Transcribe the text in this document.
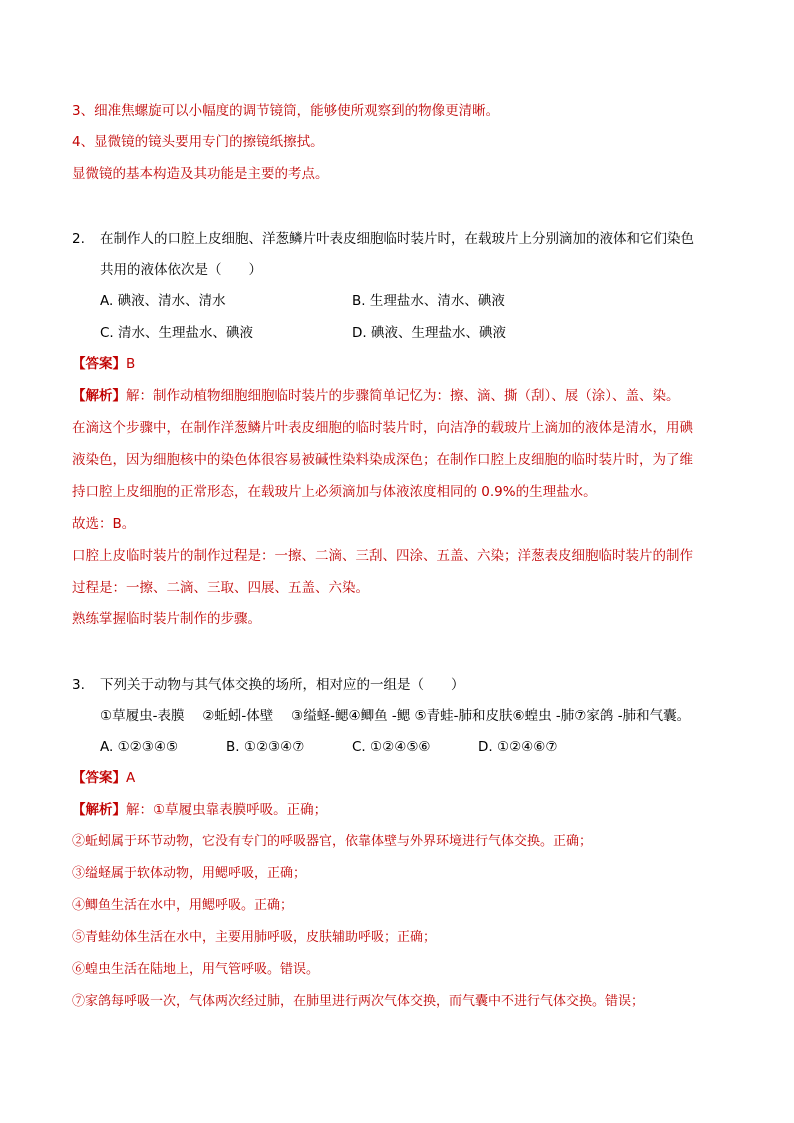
3、细准焦螺旋可以小幅度的调节镜筒，能够使所观察到的物像更清晰。
4、显微镜的镜头要用专门的擦镜纸擦拭。
显微镜的基本构造及其功能是主要的考点。
2. 在制作人的口腔上皮细胞、洋葱鳞片叶表皮细胞临时装片时，在载玻片上分别滴加的液体和它们染色
共用的液体依次是（　　）
A. 碘液、清水、清水	B. 生理盐水、清水、碘液
C. 清水、生理盐水、碘液	D. 碘液、生理盐水、碘液
【答案】B
【解析】解：制作动植物细胞细胞临时装片的步骤简单记忆为：擦、滴、撕（刮）、展（涂）、盖、染。
在滴这个步骤中，在制作洋葱鳞片叶表皮细胞的临时装片时，向洁净的载玻片上滴加的液体是清水，用碘
液染色，因为细胞核中的染色体很容易被碱性染料染成深色；在制作口腔上皮细胞的临时装片时，为了维
持口腔上皮细胞的正常形态，在载玻片上必须滴加与体液浓度相同的 0.9%的生理盐水。
故选：B。
口腔上皮临时装片的制作过程是：一擦、二滴、三刮、四涂、五盖、六染；洋葱表皮细胞临时装片的制作
过程是：一擦、二滴、三取、四展、五盖、六染。
熟练掌握临时装片制作的步骤。
3. 下列关于动物与其气体交换的场所，相对应的一组是（　　）
①草履虫-表膜　 ②蚯蚓-体壁　 ③缢蛏-鳃④鲫鱼 -鳃 ⑤青蛙-肺和皮肤⑥蝗虫 -肺⑦家鸽 -肺和气囊。
A. ①②③④⑤	B. ①②③④⑦	C. ①②④⑤⑥	D. ①②④⑥⑦
【答案】A
【解析】解：①草履虫靠表膜呼吸。正确；
②蚯蚓属于环节动物，它没有专门的呼吸器官，依靠体壁与外界环境进行气体交换。正确；
③缢蛏属于软体动物，用鳃呼吸，正确；
④鲫鱼生活在水中，用鳃呼吸。正确；
⑤青蛙幼体生活在水中，主要用肺呼吸，皮肤辅助呼吸；正确；
⑥蝗虫生活在陆地上，用气管呼吸。错误。
⑦家鸽每呼吸一次，气体两次经过肺，在肺里进行两次气体交换，而气囊中不进行气体交换。错误；
